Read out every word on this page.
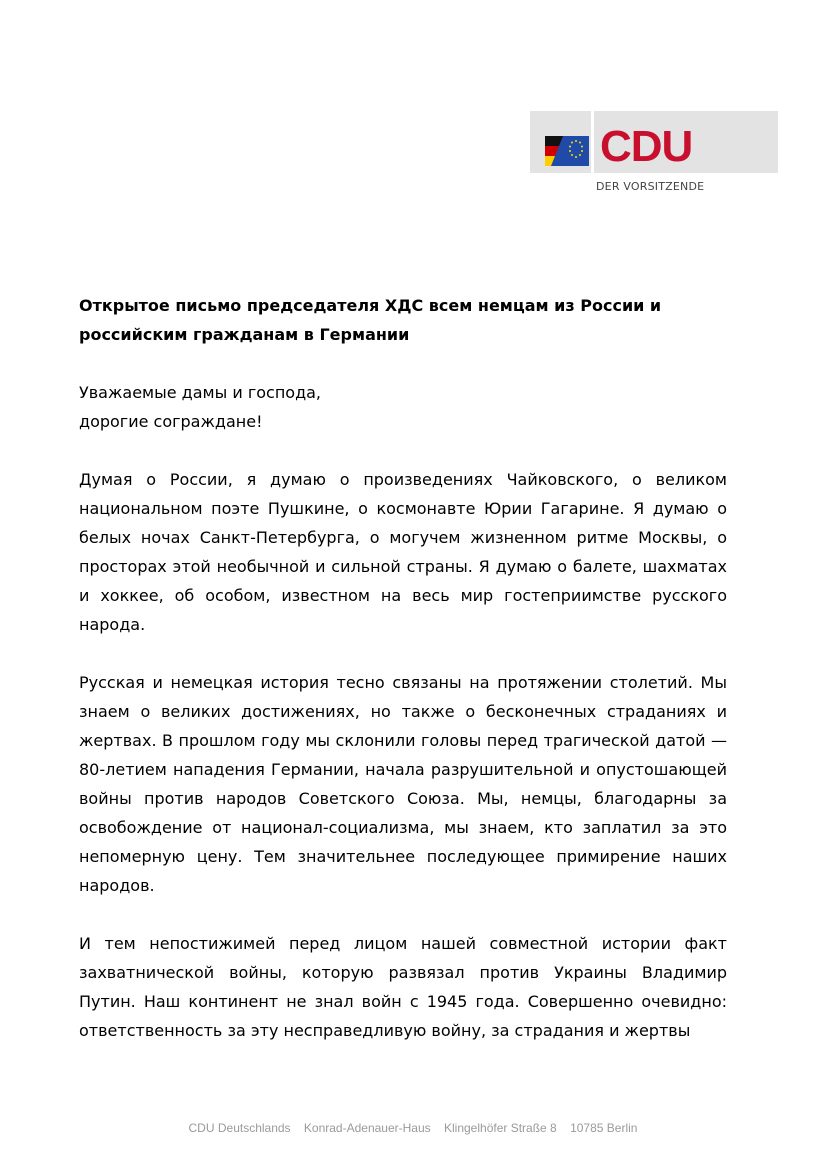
CDU
DER VORSITZENDE
Открытое письмо председателя ХДС всем немцам из России и российским гражданам в Германии
Уважаемые дамы и господа,
дорогие сограждане!

Думая о России, я думаю о произведениях Чайковского, о великом национальном поэте Пушкине, о космонавте Юрии Гагарине. Я думаю о белых ночах Санкт-Петербурга, о могучем жизненном ритме Москвы, о просторах этой необычной и сильной страны. Я думаю о балете, шахматах и хоккее, об особом, известном на весь мир гостеприимстве русского народа.

Русская и немецкая история тесно связаны на протяжении столетий. Мы знаем о великих достижениях, но также о бесконечных страданиях и жертвах. В прошлом году мы склонили головы перед трагической датой — 80-летием нападения Германии, начала разрушительной и опустошающей войны против народов Советского Союза. Мы, немцы, благодарны за освобождение от национал-социализма, мы знаем, кто заплатил за это непомерную цену. Тем значительнее последующее примирение наших народов.

И тем непостижимей перед лицом нашей совместной истории факт захватнической войны, которую развязал против Украины Владимир Путин. Наш континент не знал войн с 1945 года. Совершенно очевидно: ответственность за эту несправедливую войну, за страдания и жертвы

CDU Deutschlands Konrad-Adenauer-Haus Klingelhöfer Straße 8 10785 Berlin
